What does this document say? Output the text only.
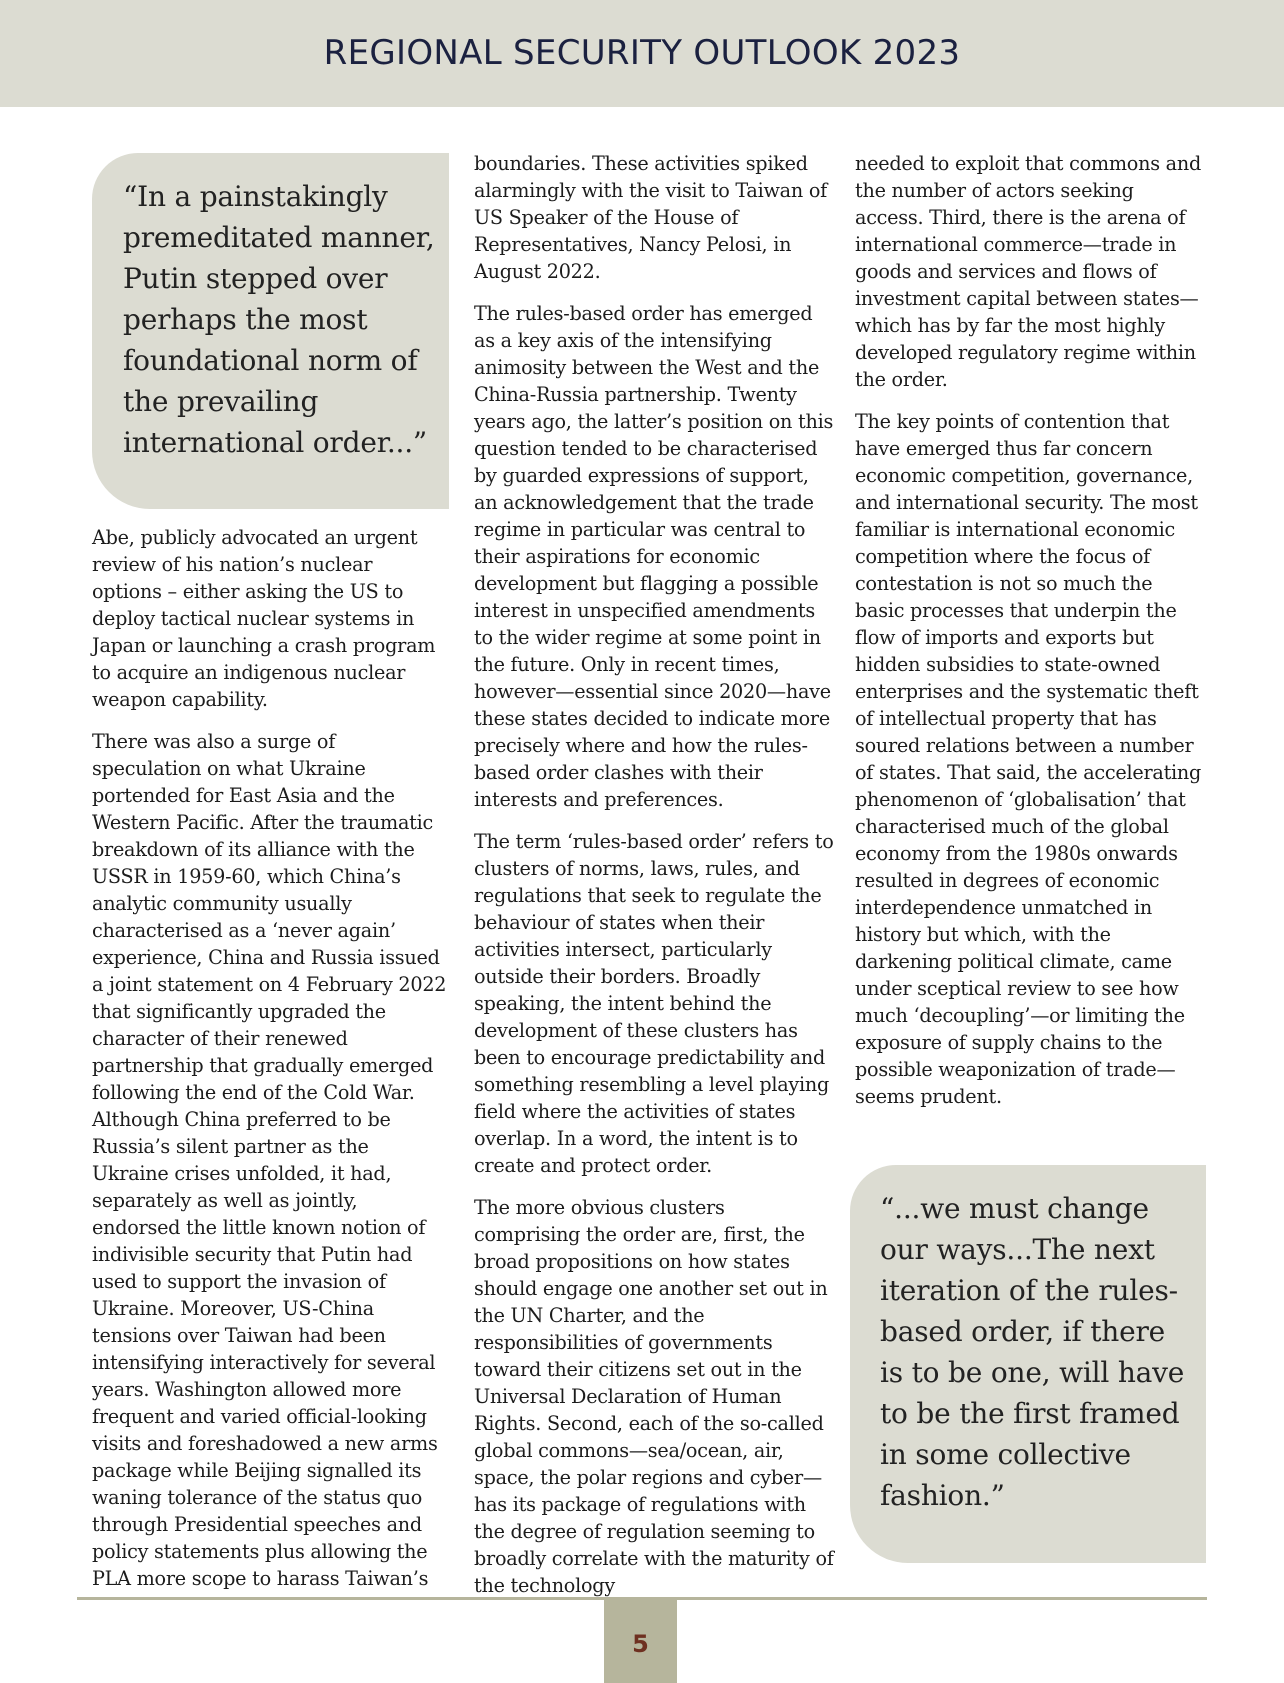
REGIONAL SECURITY OUTLOOK 2023
“In a painstakingly premeditated manner, Putin stepped over perhaps the most foundational norm of the prevailing international order...”

Abe, publicly advocated an urgent review of his nation’s nuclear options – either asking the US to deploy tactical nuclear systems in Japan or launching a crash program to acquire an indigenous nuclear weapon capability.

There was also a surge of speculation on what Ukraine portended for East Asia and the Western Pacific. After the traumatic breakdown of its alliance with the USSR in 1959-60, which China’s analytic community usually characterised as a ‘never again’ experience, China and Russia issued a joint statement on 4 February 2022 that significantly upgraded the character of their renewed partnership that gradually emerged following the end of the Cold War. Although China preferred to be Russia’s silent partner as the Ukraine crises unfolded, it had, separately as well as jointly, endorsed the little known notion of indivisible security that Putin had used to support the invasion of Ukraine. Moreover, US-China tensions over Taiwan had been intensifying interactively for several years. Washington allowed more frequent and varied official-looking visits and foreshadowed a new arms package while Beijing signalled its waning tolerance of the status quo through Presidential speeches and policy statements plus allowing the PLA more scope to harass Taiwan’s

boundaries. These activities spiked alarmingly with the visit to Taiwan of US Speaker of the House of Representatives, Nancy Pelosi, in August 2022.

The rules-based order has emerged as a key axis of the intensifying animosity between the West and the China-Russia partnership. Twenty years ago, the latter’s position on this question tended to be characterised by guarded expressions of support, an acknowledgement that the trade regime in particular was central to their aspirations for economic development but flagging a possible interest in unspecified amendments to the wider regime at some point in the future. Only in recent times, however—essential since 2020—have these states decided to indicate more precisely where and how the rules-based order clashes with their interests and preferences.

The term ‘rules-based order’ refers to clusters of norms, laws, rules, and regulations that seek to regulate the behaviour of states when their activities intersect, particularly outside their borders. Broadly speaking, the intent behind the development of these clusters has been to encourage predictability and something resembling a level playing field where the activities of states overlap. In a word, the intent is to create and protect order.

The more obvious clusters comprising the order are, first, the broad propositions on how states should engage one another set out in the UN Charter, and the responsibilities of governments toward their citizens set out in the Universal Declaration of Human Rights. Second, each of the so-called global commons—sea/ocean, air, space, the polar regions and cyber—has its package of regulations with the degree of regulation seeming to broadly correlate with the maturity of the technology

needed to exploit that commons and the number of actors seeking access. Third, there is the arena of international commerce—trade in goods and services and flows of investment capital between states—which has by far the most highly developed regulatory regime within the order.

The key points of contention that have emerged thus far concern economic competition, governance, and international security. The most familiar is international economic competition where the focus of contestation is not so much the basic processes that underpin the flow of imports and exports but hidden subsidies to state-owned enterprises and the systematic theft of intellectual property that has soured relations between a number of states. That said, the accelerating phenomenon of ‘globalisation’ that characterised much of the global economy from the 1980s onwards resulted in degrees of economic interdependence unmatched in history but which, with the darkening political climate, came under sceptical review to see how much ‘decoupling’—or limiting the exposure of supply chains to the possible weaponization of trade—seems prudent.

“...we must change our ways...The next iteration of the rules-based order, if there is to be one, will have to be the first framed in some collective fashion.”
5
